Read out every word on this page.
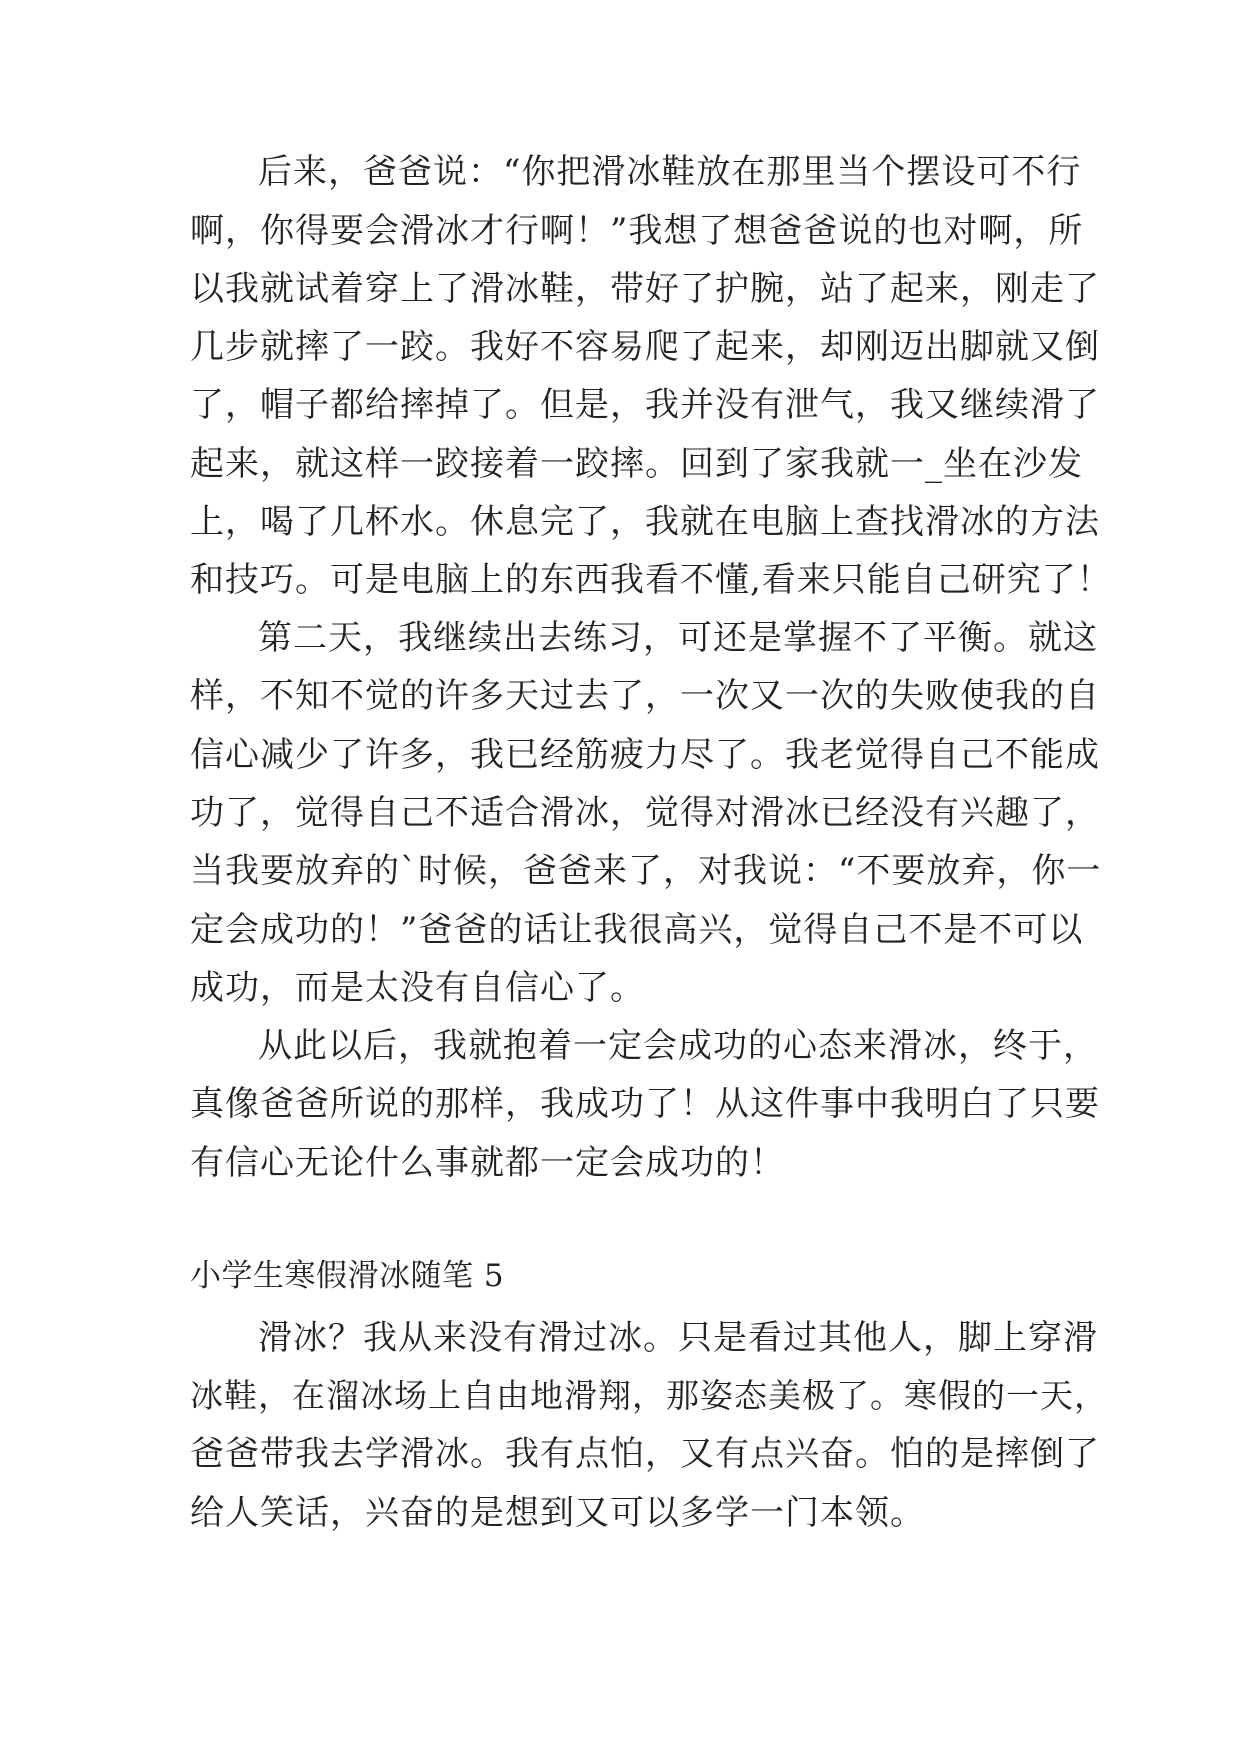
后来，爸爸说：“你把滑冰鞋放在那里当个摆设可不行
啊，你得要会滑冰才行啊！”我想了想爸爸说的也对啊，所
以我就试着穿上了滑冰鞋，带好了护腕，站了起来，刚走了
几步就摔了一跤。我好不容易爬了起来，却刚迈出脚就又倒
了，帽子都给摔掉了。但是，我并没有泄气，我又继续滑了
起来，就这样一跤接着一跤摔。回到了家我就一_坐在沙发
上，喝了几杯水。休息完了，我就在电脑上查找滑冰的方法
和技巧。可是电脑上的东西我看不懂,看来只能自己研究了！
第二天，我继续出去练习，可还是掌握不了平衡。就这
样，不知不觉的许多天过去了，一次又一次的失败使我的自
信心减少了许多，我已经筋疲力尽了。我老觉得自己不能成
功了，觉得自己不适合滑冰，觉得对滑冰已经没有兴趣了，
当我要放弃的`时候，爸爸来了，对我说：“不要放弃，你一
定会成功的！”爸爸的话让我很高兴，觉得自己不是不可以
成功，而是太没有自信心了。
从此以后，我就抱着一定会成功的心态来滑冰，终于，
真像爸爸所说的那样，我成功了！从这件事中我明白了只要
有信心无论什么事就都一定会成功的！
小学生寒假滑冰随笔 5
滑冰？我从来没有滑过冰。只是看过其他人，脚上穿滑
冰鞋，在溜冰场上自由地滑翔，那姿态美极了。寒假的一天，
爸爸带我去学滑冰。我有点怕，又有点兴奋。怕的是摔倒了
给人笑话，兴奋的是想到又可以多学一门本领。
